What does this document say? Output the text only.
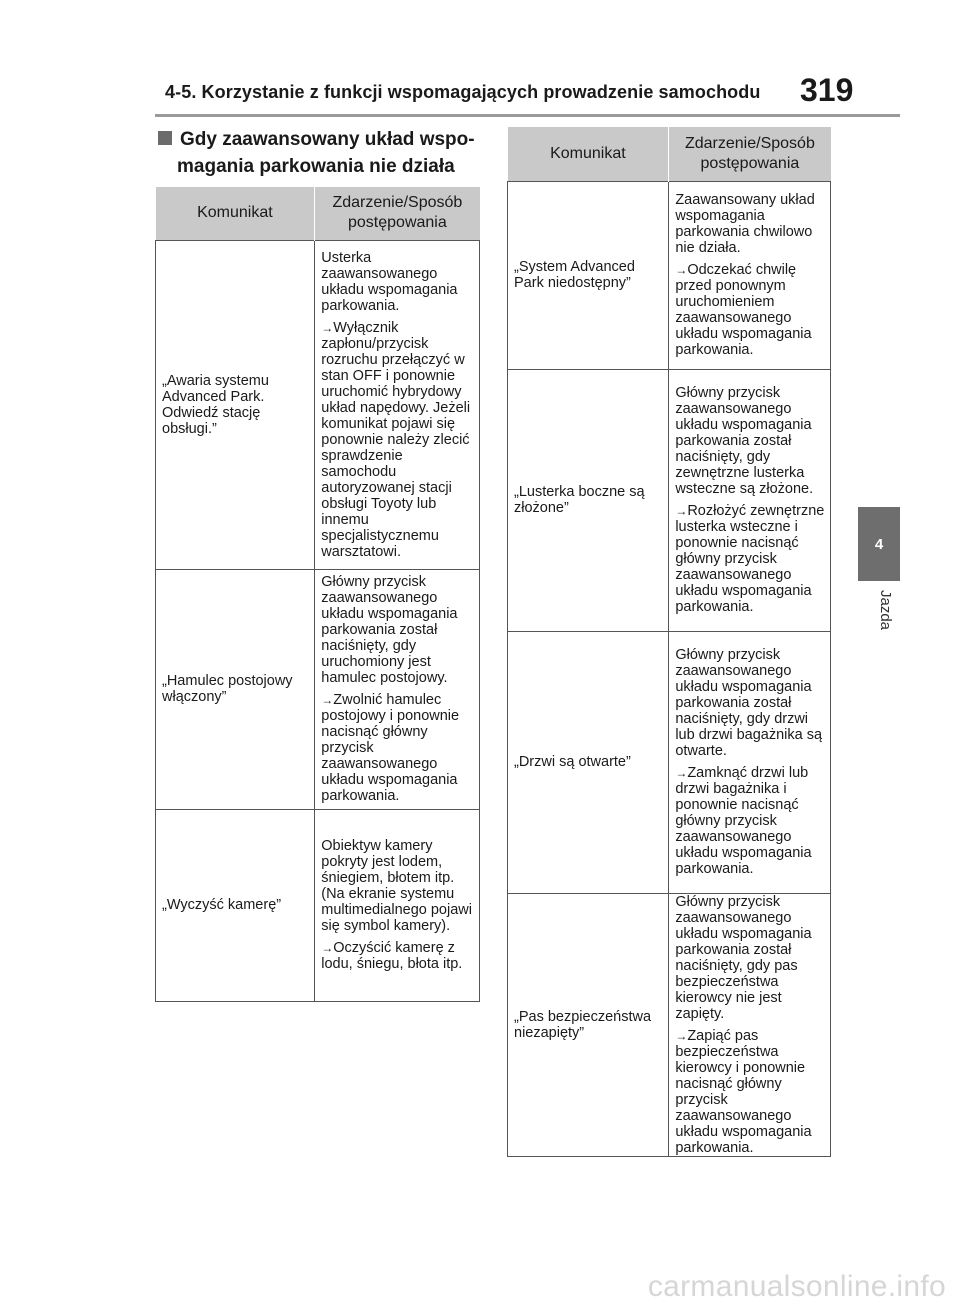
4-5. Korzystanie z funkcji wspomagających prowadzenie samochodu 319
Gdy zaawansowany układ wspo-
magania parkowania nie działa
Komunikat	Zdarzenie/Sposób postępowania
„Awaria systemu Advanced Park. Odwiedź stację obsługi.”	Usterka zaawansowanego układu wspomagania parkowania.

→Wyłącznik zapłonu/przycisk rozruchu przełączyć w stan OFF i ponownie uruchomić hybrydowy układ napędowy. Jeżeli komunikat pojawi się ponownie należy zlecić sprawdzenie samochodu autoryzowanej stacji obsługi Toyoty lub innemu specjalistycznemu warsztatowi.

„Hamulec postojowy włączony”	Główny przycisk zaawansowanego układu wspomagania parkowania został naciśnięty, gdy uruchomiony jest hamulec postojowy.

→Zwolnić hamulec postojowy i ponownie nacisnąć główny przycisk zaawansowanego układu wspomagania parkowania.

„Wyczyść kamerę”	Obiektyw kamery pokryty jest lodem, śniegiem, błotem itp. (Na ekranie systemu multimedialnego pojawi się symbol kamery).

→Oczyścić kamerę z lodu, śniegu, błota itp.

Komunikat	Zdarzenie/Sposób postępowania
„System Advanced Park niedostępny”	Zaawansowany układ wspomagania parkowania chwilowo nie działa.

→Odczekać chwilę przed ponownym uruchomieniem zaawansowanego układu wspomagania parkowania.

„Lusterka boczne są złożone”	Główny przycisk zaawansowanego układu wspomagania parkowania został naciśnięty, gdy zewnętrzne lusterka wsteczne są złożone.

→Rozłożyć zewnętrzne lusterka wsteczne i ponownie nacisnąć główny przycisk zaawansowanego układu wspomagania parkowania.

„Drzwi są otwarte”	Główny przycisk zaawansowanego układu wspomagania parkowania został naciśnięty, gdy drzwi lub drzwi bagażnika są otwarte.

→Zamknąć drzwi lub drzwi bagażnika i ponownie nacisnąć główny przycisk zaawansowanego układu wspomagania parkowania.

„Pas bezpieczeństwa niezapięty”	Główny przycisk zaawansowanego układu wspomagania parkowania został naciśnięty, gdy pas bezpieczeństwa kierowcy nie jest zapięty.

→Zapiąć pas bezpieczeństwa kierowcy i ponownie nacisnąć główny przycisk zaawansowanego układu wspomagania parkowania.

4
Jazda
carmanualsonline.info
